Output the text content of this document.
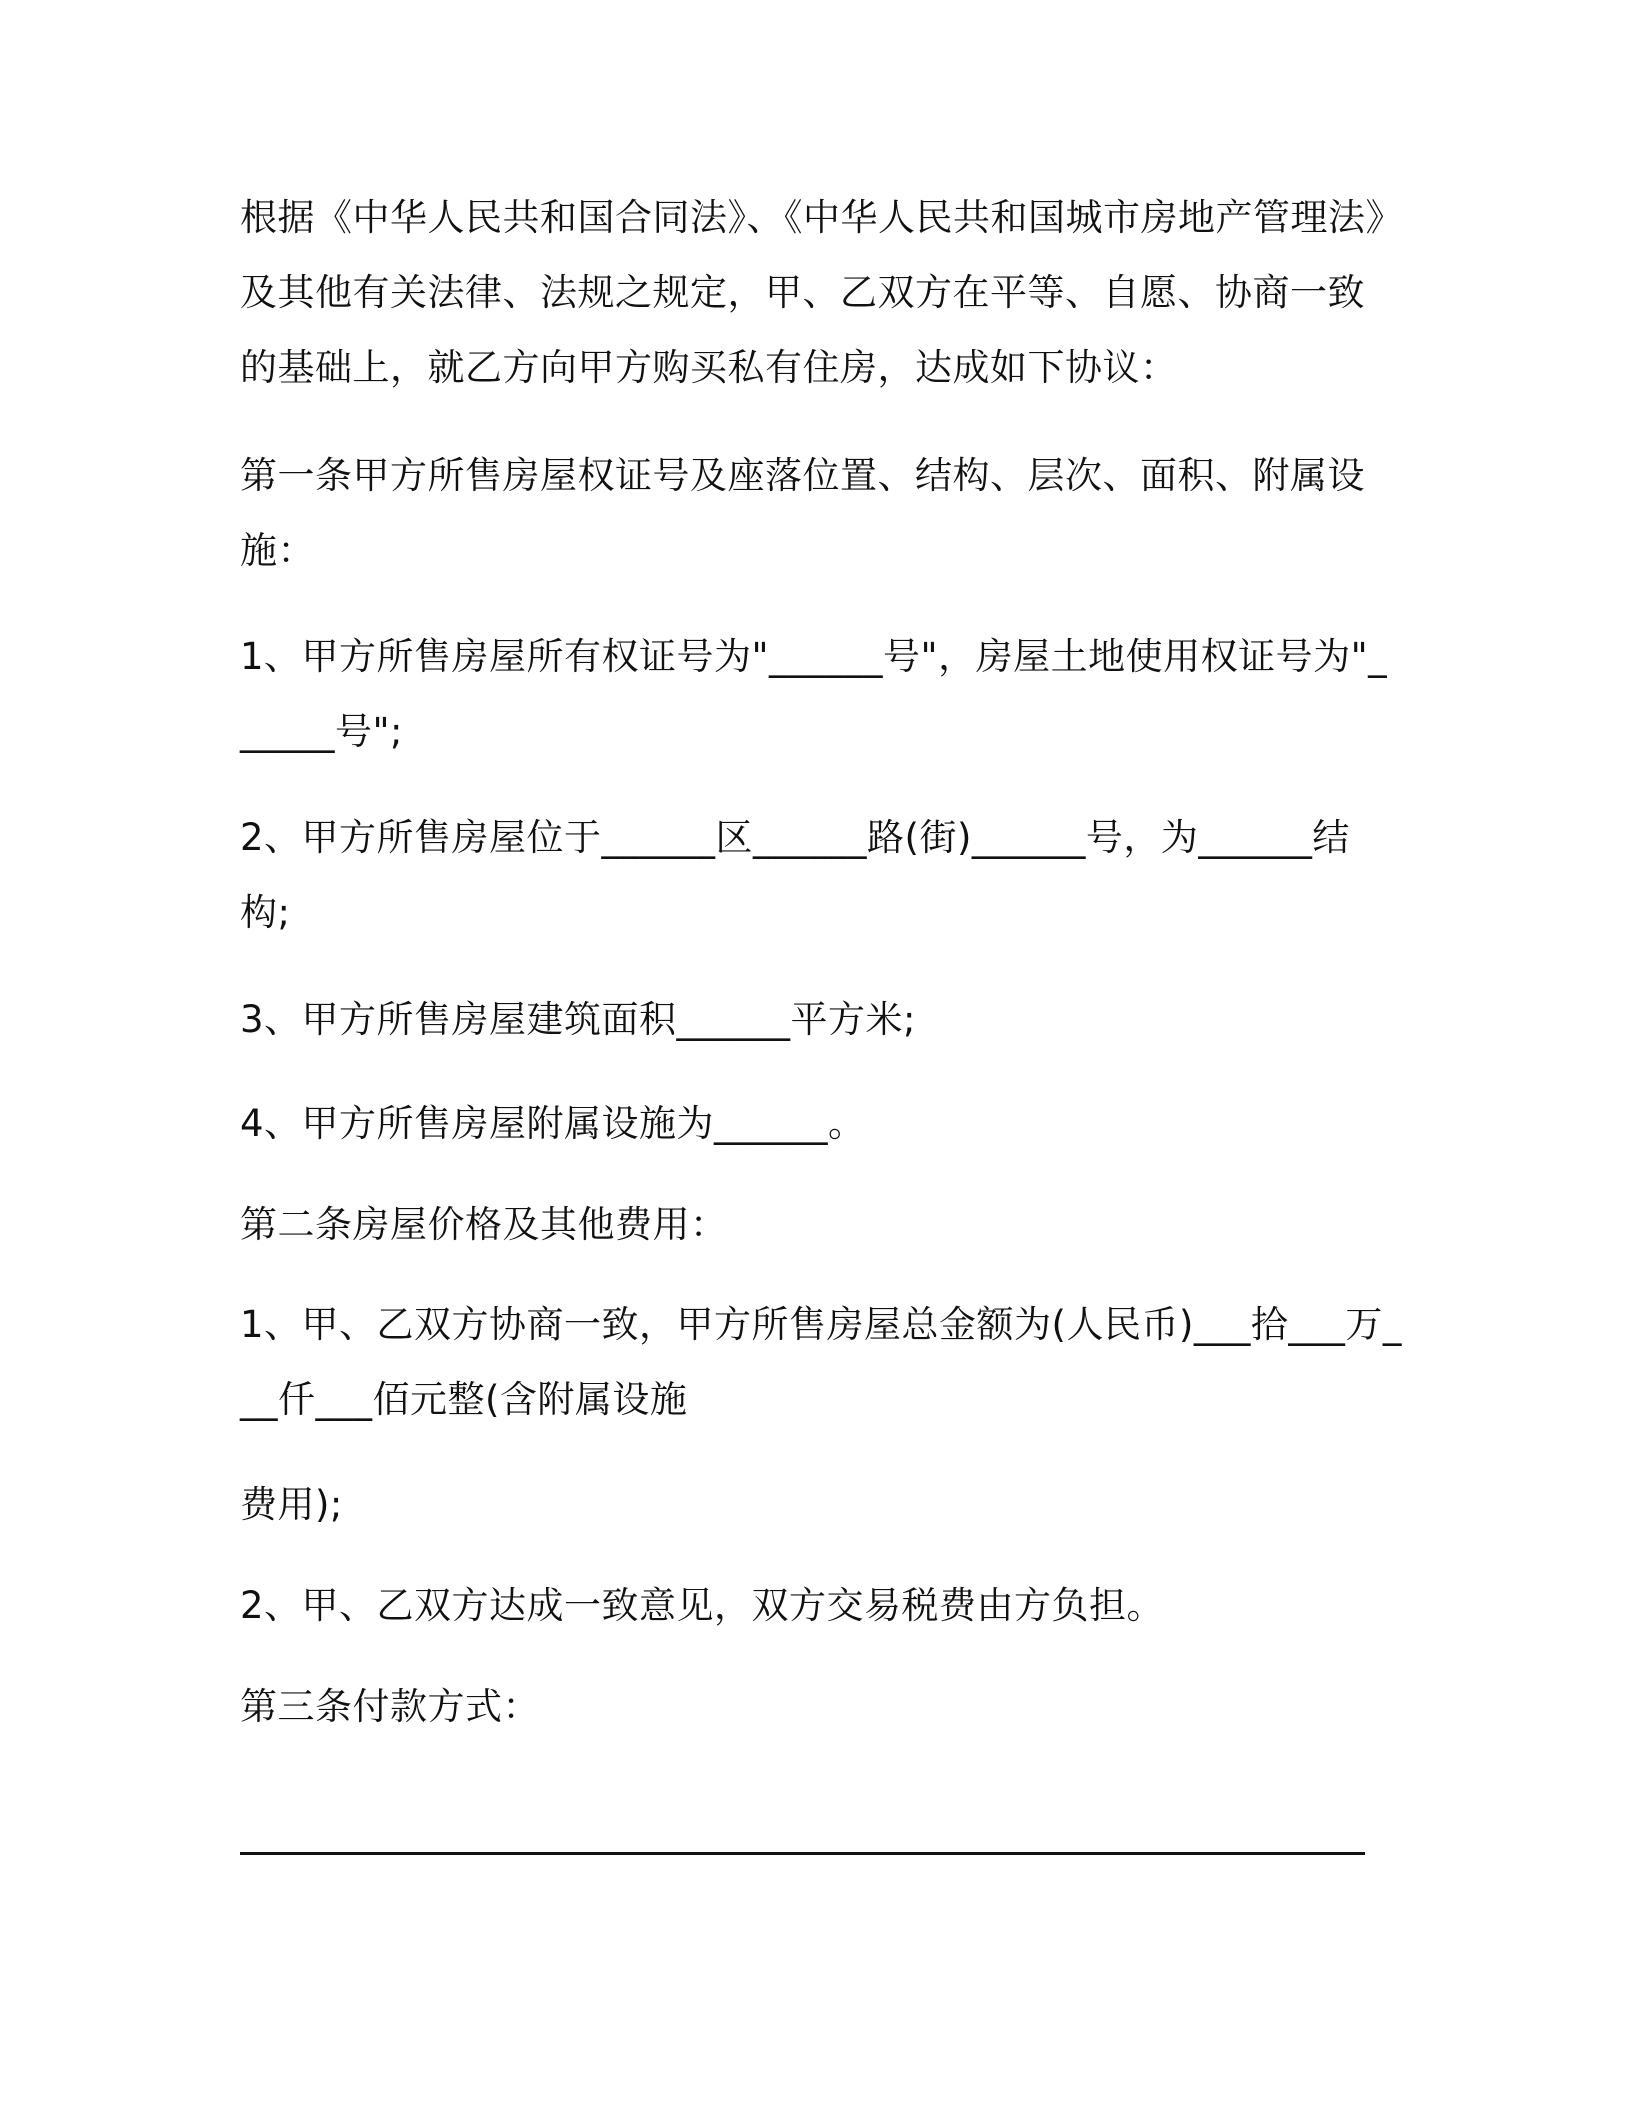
根据《中华人民共和国合同法》、《中华人民共和国城市房地产管理法》及其他有关法律、法规之规定，甲、乙双方在平等、自愿、协商一致的基础上，就乙方向甲方购买私有住房，达成如下协议：
第一条甲方所售房屋权证号及座落位置、结构、层次、面积、附属设施：
1、甲方所售房屋所有权证号为"______号"，房屋土地使用权证号为"______号";
2、甲方所售房屋位于______区______路(街)______号，为______结构;
3、甲方所售房屋建筑面积______平方米;
4、甲方所售房屋附属设施为______。
第二条房屋价格及其他费用：
1、甲、乙双方协商一致，甲方所售房屋总金额为(人民币)___拾___万___仟___佰元整(含附属设施
费用);
2、甲、乙双方达成一致意见，双方交易税费由方负担。
第三条付款方式：
